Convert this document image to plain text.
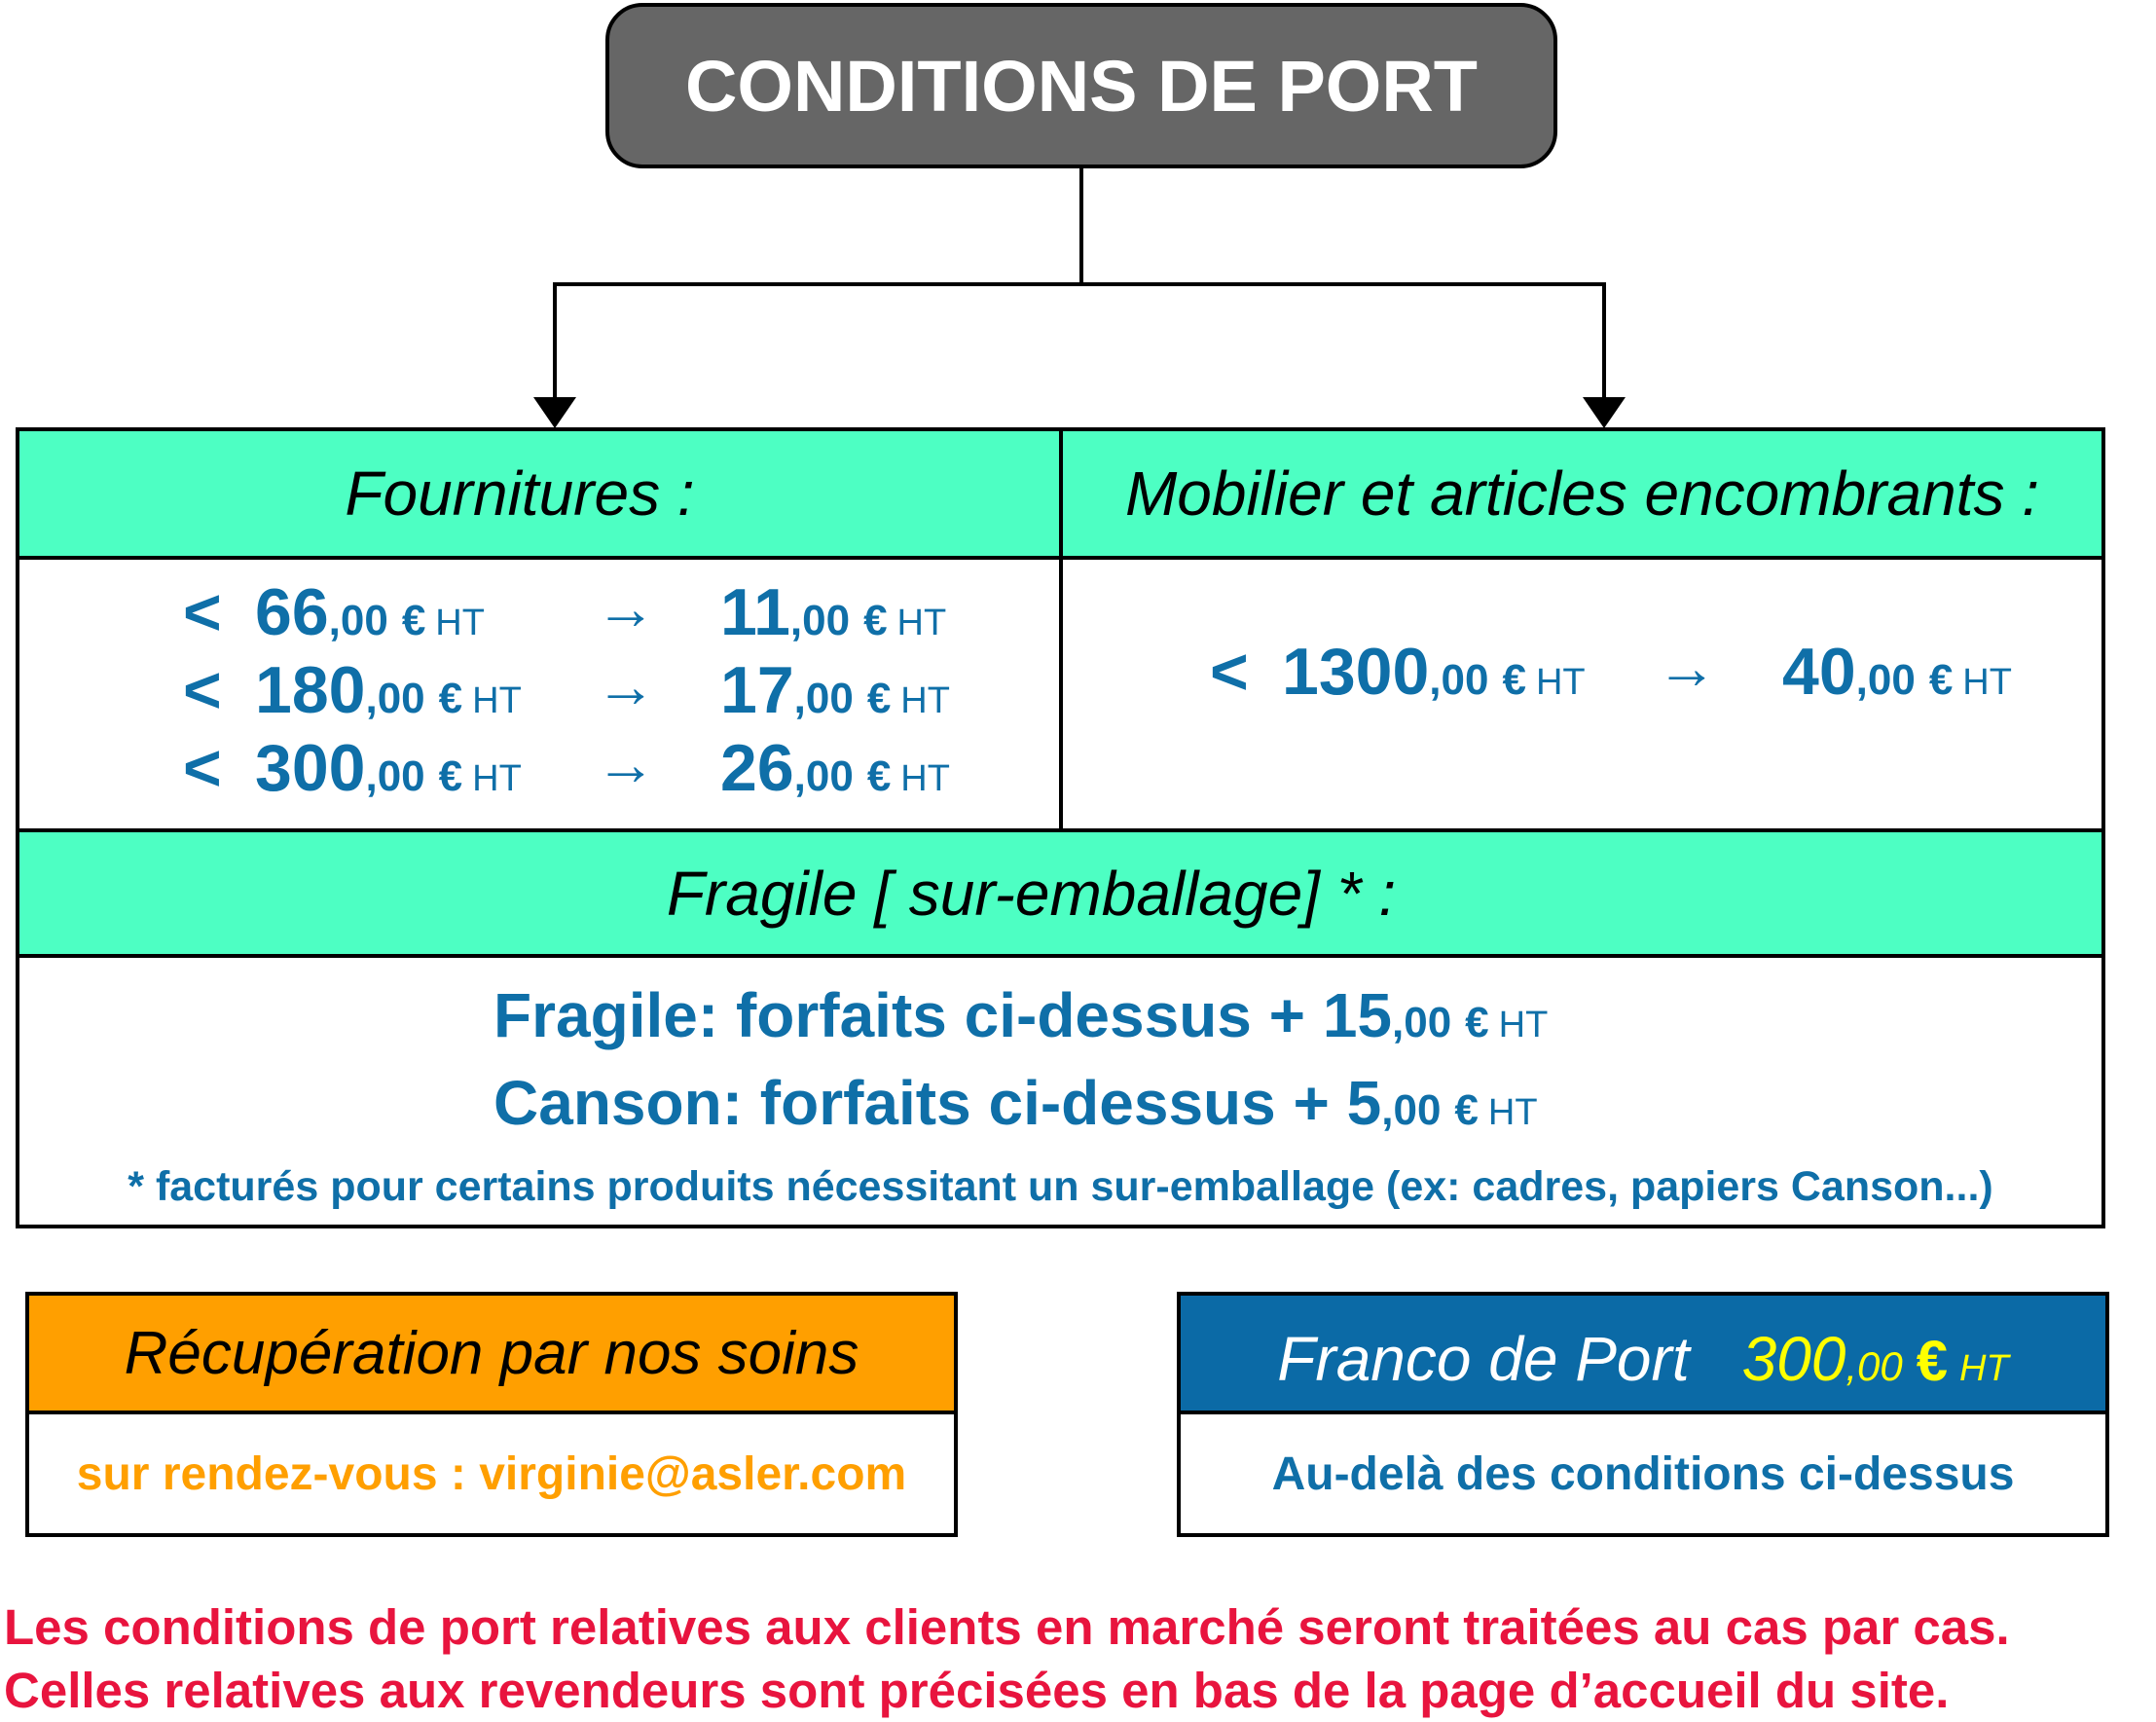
CONDITIONS DE PORT
Fournitures :	Mobilier et articles encombrants :
< 66 ,00 € HT → 11 ,00 € HT
< 180 ,00 € HT → 17 ,00 € HT
< 300 ,00 € HT → 26 ,00 € HT
< 1300 ,00 € HT → 40 ,00 € HT
Fragile [ sur-emballage] * :
Fragile: forfaits ci-dessus + 15 ,00 € HT
Canson: forfaits ci-dessus + 5 ,00 € HT
* facturés pour certains produits nécessitant un sur-emballage (ex: cadres, papiers Canson...)
Récupération par nos soins
sur rendez-vous : virginie@asler.com
Franco de Port 300 ,00 € HT
Au-delà des conditions ci-dessus
Les conditions de port relatives aux clients en marché seront traitées au cas par cas.
Celles relatives aux revendeurs sont précisées en bas de la page d’accueil du site.
